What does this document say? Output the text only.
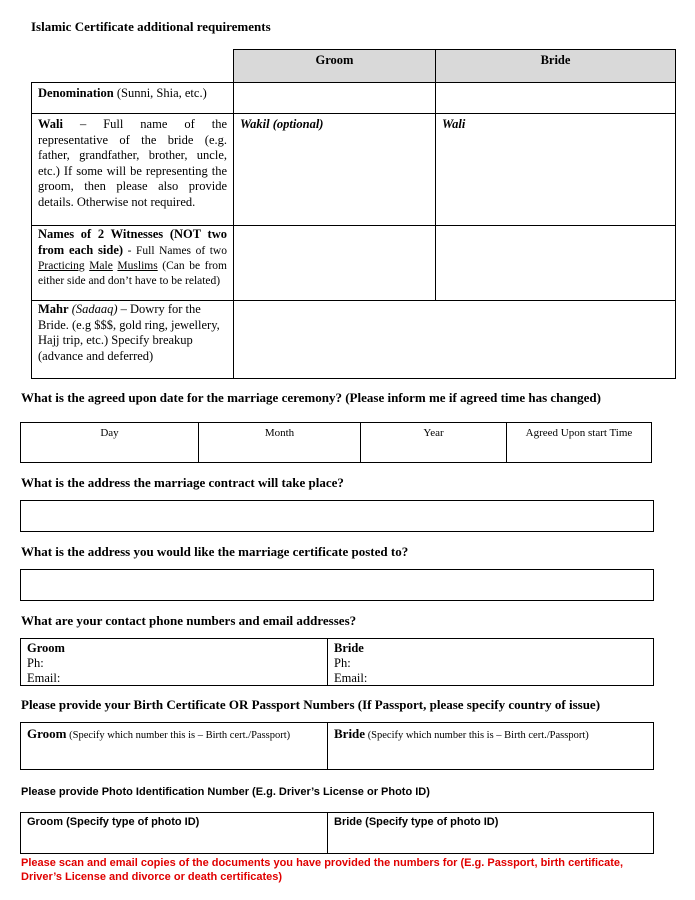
Islamic Certificate additional requirements
	Groom	Bride
Denomination (Sunni, Shia, etc.)		
Wali – Full name of the representative of the bride (e.g. father, grandfather, brother, uncle, etc.) If some will be representing the groom, then please also provide details. Otherwise not required.	Wakil (optional)	Wali
Names of 2 Witnesses (NOT two from each side) - Full Names of two Practicing Male Muslims (Can be from either side and don’t have to be related)		
Mahr (Sadaaq) – Dowry for the Bride. (e.g $$$, gold ring, jewellery, Hajj trip, etc.) Specify breakup (advance and deferred)		
What is the agreed upon date for the marriage ceremony? (Please inform me if agreed time has changed)
Day	Month	Year	Agreed Upon start Time
What is the address the marriage contract will take place?
What is the address you would like the marriage certificate posted to?
What are your contact phone numbers and email addresses?
Groom
Ph:
Email:
Bride
Ph:
Email:
Please provide your Birth Certificate OR Passport Numbers (If Passport, please specify country of issue)
Groom (Specify which number this is – Birth cert./Passport)	Bride (Specify which number this is – Birth cert./Passport)
Please provide Photo Identification Number (E.g. Driver’s License or Photo ID)
Groom (Specify type of photo ID)	Bride (Specify type of photo ID)
Please scan and email copies of the documents you have provided the numbers for (E.g. Passport, birth certificate, Driver’s License and divorce or death certificates)
